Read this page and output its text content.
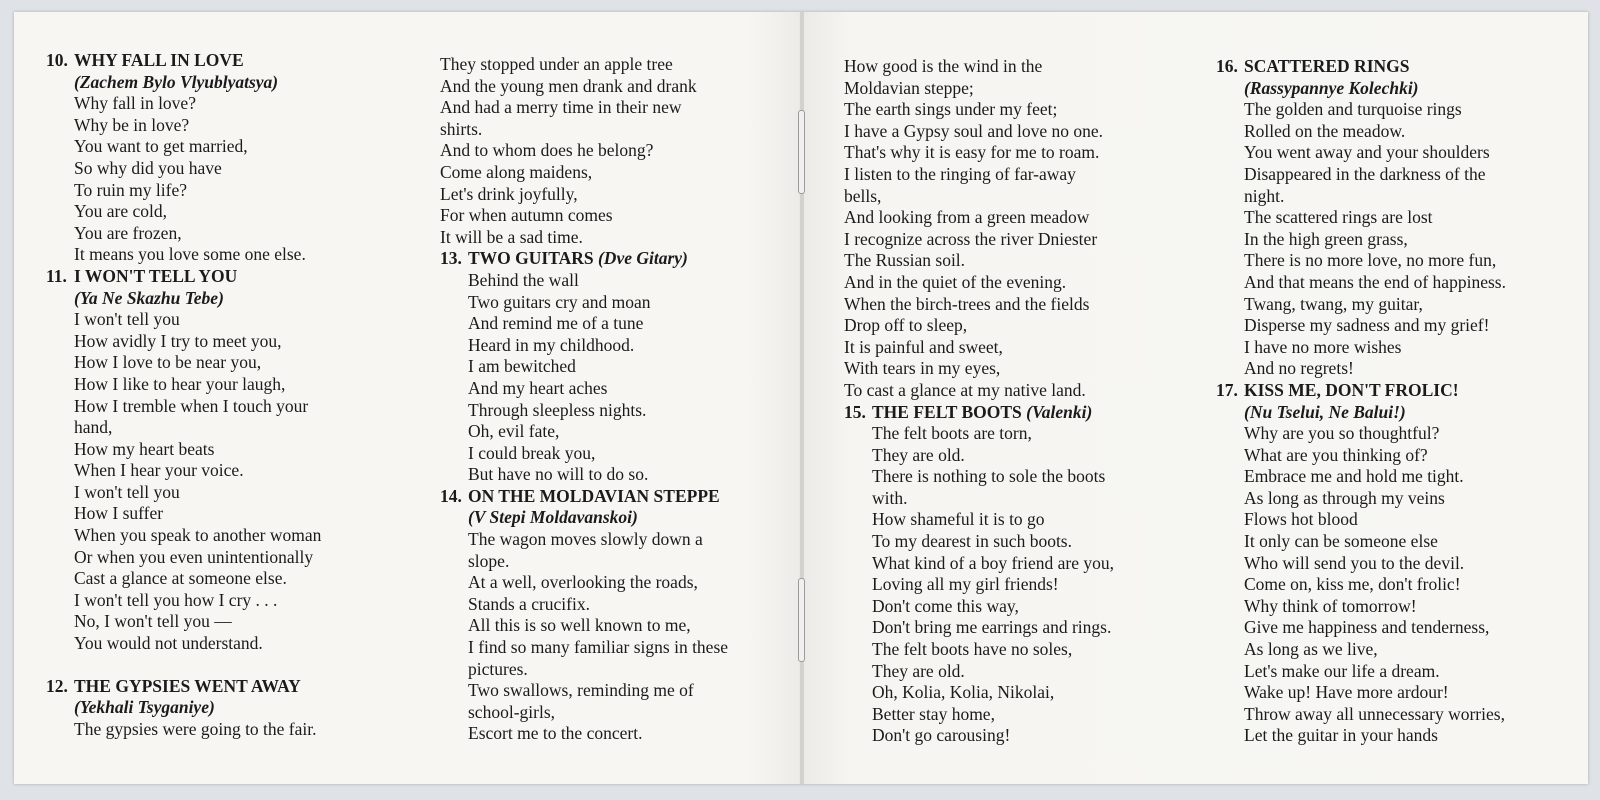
10. WHY FALL IN LOVE
(Zachem Bylo Vlyublyatsya)
Why fall in love?
Why be in love?
You want to get married,
So why did you have
To ruin my life?
You are cold,
You are frozen,
It means you love some one else.
11. I WON'T TELL YOU
(Ya Ne Skazhu Tebe)
I won't tell you
How avidly I try to meet you,
How I love to be near you,
How I like to hear your laugh,
How I tremble when I touch your
hand,
How my heart beats
When I hear your voice.
I won't tell you
How I suffer
When you speak to another woman
Or when you even unintentionally
Cast a glance at someone else.
I won't tell you how I cry . . .
No, I won't tell you —
You would not understand.
12. THE GYPSIES WENT AWAY
(Yekhali Tsyganiye)
The gypsies were going to the fair.
They stopped under an apple tree
And the young men drank and drank
And had a merry time in their new
shirts.
And to whom does he belong?
Come along maidens,
Let's drink joyfully,
For when autumn comes
It will be a sad time.
13. TWO GUITARS (Dve Gitary)
Behind the wall
Two guitars cry and moan
And remind me of a tune
Heard in my childhood.
I am bewitched
And my heart aches
Through sleepless nights.
Oh, evil fate,
I could break you,
But have no will to do so.
14. ON THE MOLDAVIAN STEPPE
(V Stepi Moldavanskoi)
The wagon moves slowly down a
slope.
At a well, overlooking the roads,
Stands a crucifix.
All this is so well known to me,
I find so many familiar signs in these
pictures.
Two swallows, reminding me of
school-girls,
Escort me to the concert.
How good is the wind in the
Moldavian steppe;
The earth sings under my feet;
I have a Gypsy soul and love no one.
That's why it is easy for me to roam.
I listen to the ringing of far-away
bells,
And looking from a green meadow
I recognize across the river Dniester
The Russian soil.
And in the quiet of the evening.
When the birch-trees and the fields
Drop off to sleep,
It is painful and sweet,
With tears in my eyes,
To cast a glance at my native land.
15. THE FELT BOOTS (Valenki)
The felt boots are torn,
They are old.
There is nothing to sole the boots
with.
How shameful it is to go
To my dearest in such boots.
What kind of a boy friend are you,
Loving all my girl friends!
Don't come this way,
Don't bring me earrings and rings.
The felt boots have no soles,
They are old.
Oh, Kolia, Kolia, Nikolai,
Better stay home,
Don't go carousing!
16. SCATTERED RINGS
(Rassypannye Kolechki)
The golden and turquoise rings
Rolled on the meadow.
You went away and your shoulders
Disappeared in the darkness of the
night.
The scattered rings are lost
In the high green grass,
There is no more love, no more fun,
And that means the end of happiness.
Twang, twang, my guitar,
Disperse my sadness and my grief!
I have no more wishes
And no regrets!
17. KISS ME, DON'T FROLIC!
(Nu Tselui, Ne Balui!)
Why are you so thoughtful?
What are you thinking of?
Embrace me and hold me tight.
As long as through my veins
Flows hot blood
It only can be someone else
Who will send you to the devil.
Come on, kiss me, don't frolic!
Why think of tomorrow!
Give me happiness and tenderness,
As long as we live,
Let's make our life a dream.
Wake up! Have more ardour!
Throw away all unnecessary worries,
Let the guitar in your hands
